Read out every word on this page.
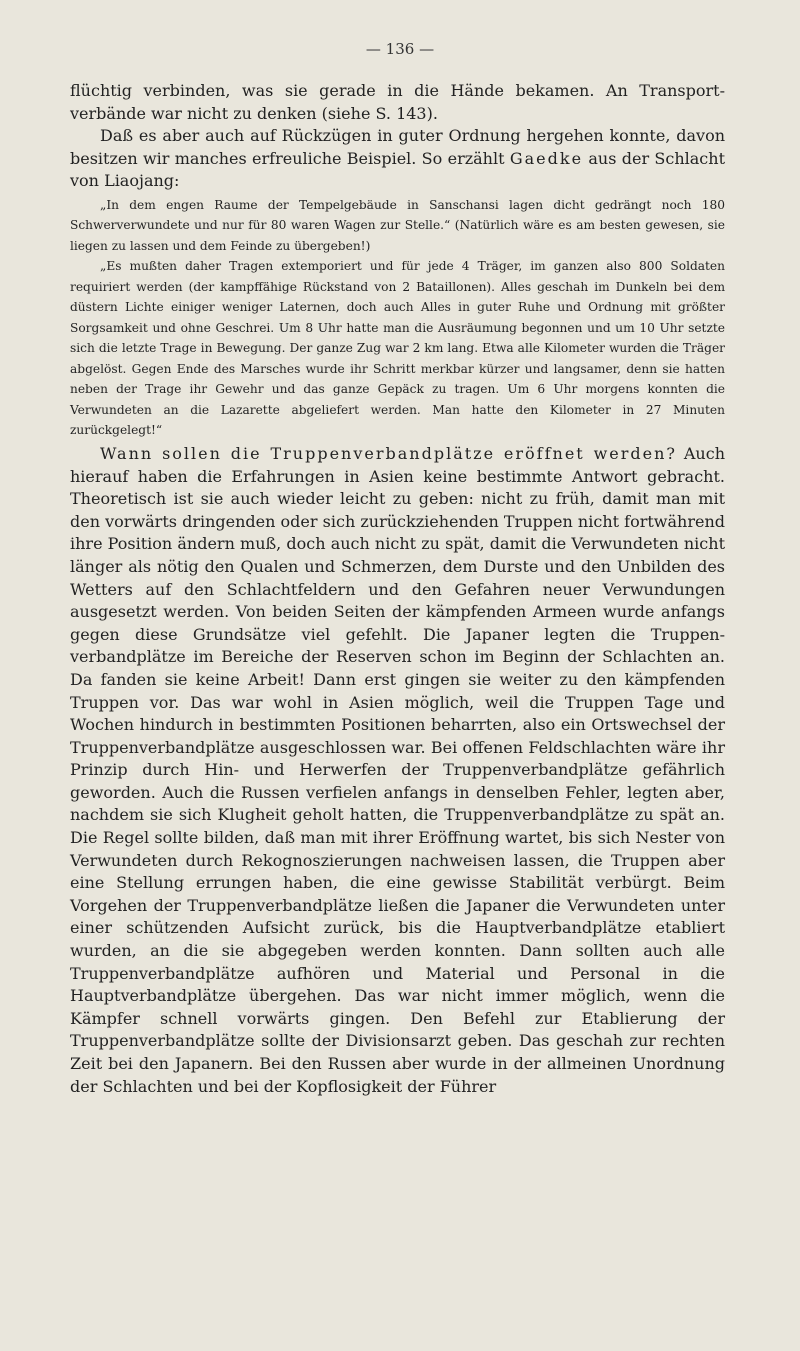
— 136 —

flüchtig verbinden, was sie gerade in die Hände bekamen. An Transport-verbände war nicht zu denken (siehe S. 143).

Daß es aber auch auf Rückzügen in guter Ordnung hergehen konnte, davon besitzen wir manches erfreuliche Beispiel. So erzählt Gaedke aus der Schlacht von Liaojang:

„In dem engen Raume der Tempelgebäude in Sanschansi lagen dicht gedrängt noch 180 Schwerverwundete und nur für 80 waren Wagen zur Stelle.“ (Natürlich wäre es am besten gewesen, sie liegen zu lassen und dem Feinde zu übergeben!)

„Es mußten daher Tragen extemporiert und für jede 4 Träger, im ganzen also 800 Soldaten requiriert werden (der kampffähige Rückstand von 2 Bataillonen). Alles geschah im Dunkeln bei dem düstern Lichte einiger weniger Laternen, doch auch Alles in guter Ruhe und Ordnung mit größter Sorgsamkeit und ohne Geschrei. Um 8 Uhr hatte man die Ausräumung begonnen und um 10 Uhr setzte sich die letzte Trage in Bewegung. Der ganze Zug war 2 km lang. Etwa alle Kilometer wurden die Träger abgelöst. Gegen Ende des Marsches wurde ihr Schritt merkbar kürzer und langsamer, denn sie hatten neben der Trage ihr Gewehr und das ganze Gepäck zu tragen. Um 6 Uhr morgens konnten die Verwundeten an die Lazarette abgeliefert werden. Man hatte den Kilometer in 27 Minuten zurückgelegt!“

Wann sollen die Truppenverbandplätze eröffnet werden? Auch hierauf haben die Erfahrungen in Asien keine bestimmte Antwort gebracht. Theoretisch ist sie auch wieder leicht zu geben: nicht zu früh, damit man mit den vorwärts dringenden oder sich zurückziehenden Truppen nicht fortwährend ihre Position ändern muß, doch auch nicht zu spät, damit die Verwundeten nicht länger als nötig den Qualen und Schmerzen, dem Durste und den Unbilden des Wetters auf den Schlachtfeldern und den Gefahren neuer Verwundungen ausgesetzt werden. Von beiden Seiten der kämpfenden Armeen wurde anfangs gegen diese Grundsätze viel gefehlt. Die Japaner legten die Truppen-verbandplätze im Bereiche der Reserven schon im Beginn der Schlachten an. Da fanden sie keine Arbeit! Dann erst gingen sie weiter zu den kämpfenden Truppen vor. Das war wohl in Asien möglich, weil die Truppen Tage und Wochen hindurch in bestimmten Positionen beharrten, also ein Ortswechsel der Truppenverbandplätze ausgeschlossen war. Bei offenen Feldschlachten wäre ihr Prinzip durch Hin- und Herwerfen der Truppenverbandplätze gefährlich geworden. Auch die Russen verfielen anfangs in denselben Fehler, legten aber, nachdem sie sich Klugheit geholt hatten, die Truppenverbandplätze zu spät an. Die Regel sollte bilden, daß man mit ihrer Eröffnung wartet, bis sich Nester von Verwundeten durch Rekognoszierungen nachweisen lassen, die Truppen aber eine Stellung errungen haben, die eine gewisse Stabilität verbürgt. Beim Vorgehen der Truppenverbandplätze ließen die Japaner die Verwundeten unter einer schützenden Aufsicht zurück, bis die Hauptverbandplätze etabliert wurden, an die sie abgegeben werden konnten. Dann sollten auch alle Truppenverbandplätze aufhören und Material und Personal in die Hauptverbandplätze übergehen. Das war nicht immer möglich, wenn die Kämpfer schnell vorwärts gingen. Den Befehl zur Etablierung der Truppenverbandplätze sollte der Divisionsarzt geben. Das geschah zur rechten Zeit bei den Japanern. Bei den Russen aber wurde in der allmeinen Unordnung der Schlachten und bei der Kopflosigkeit der Führer
